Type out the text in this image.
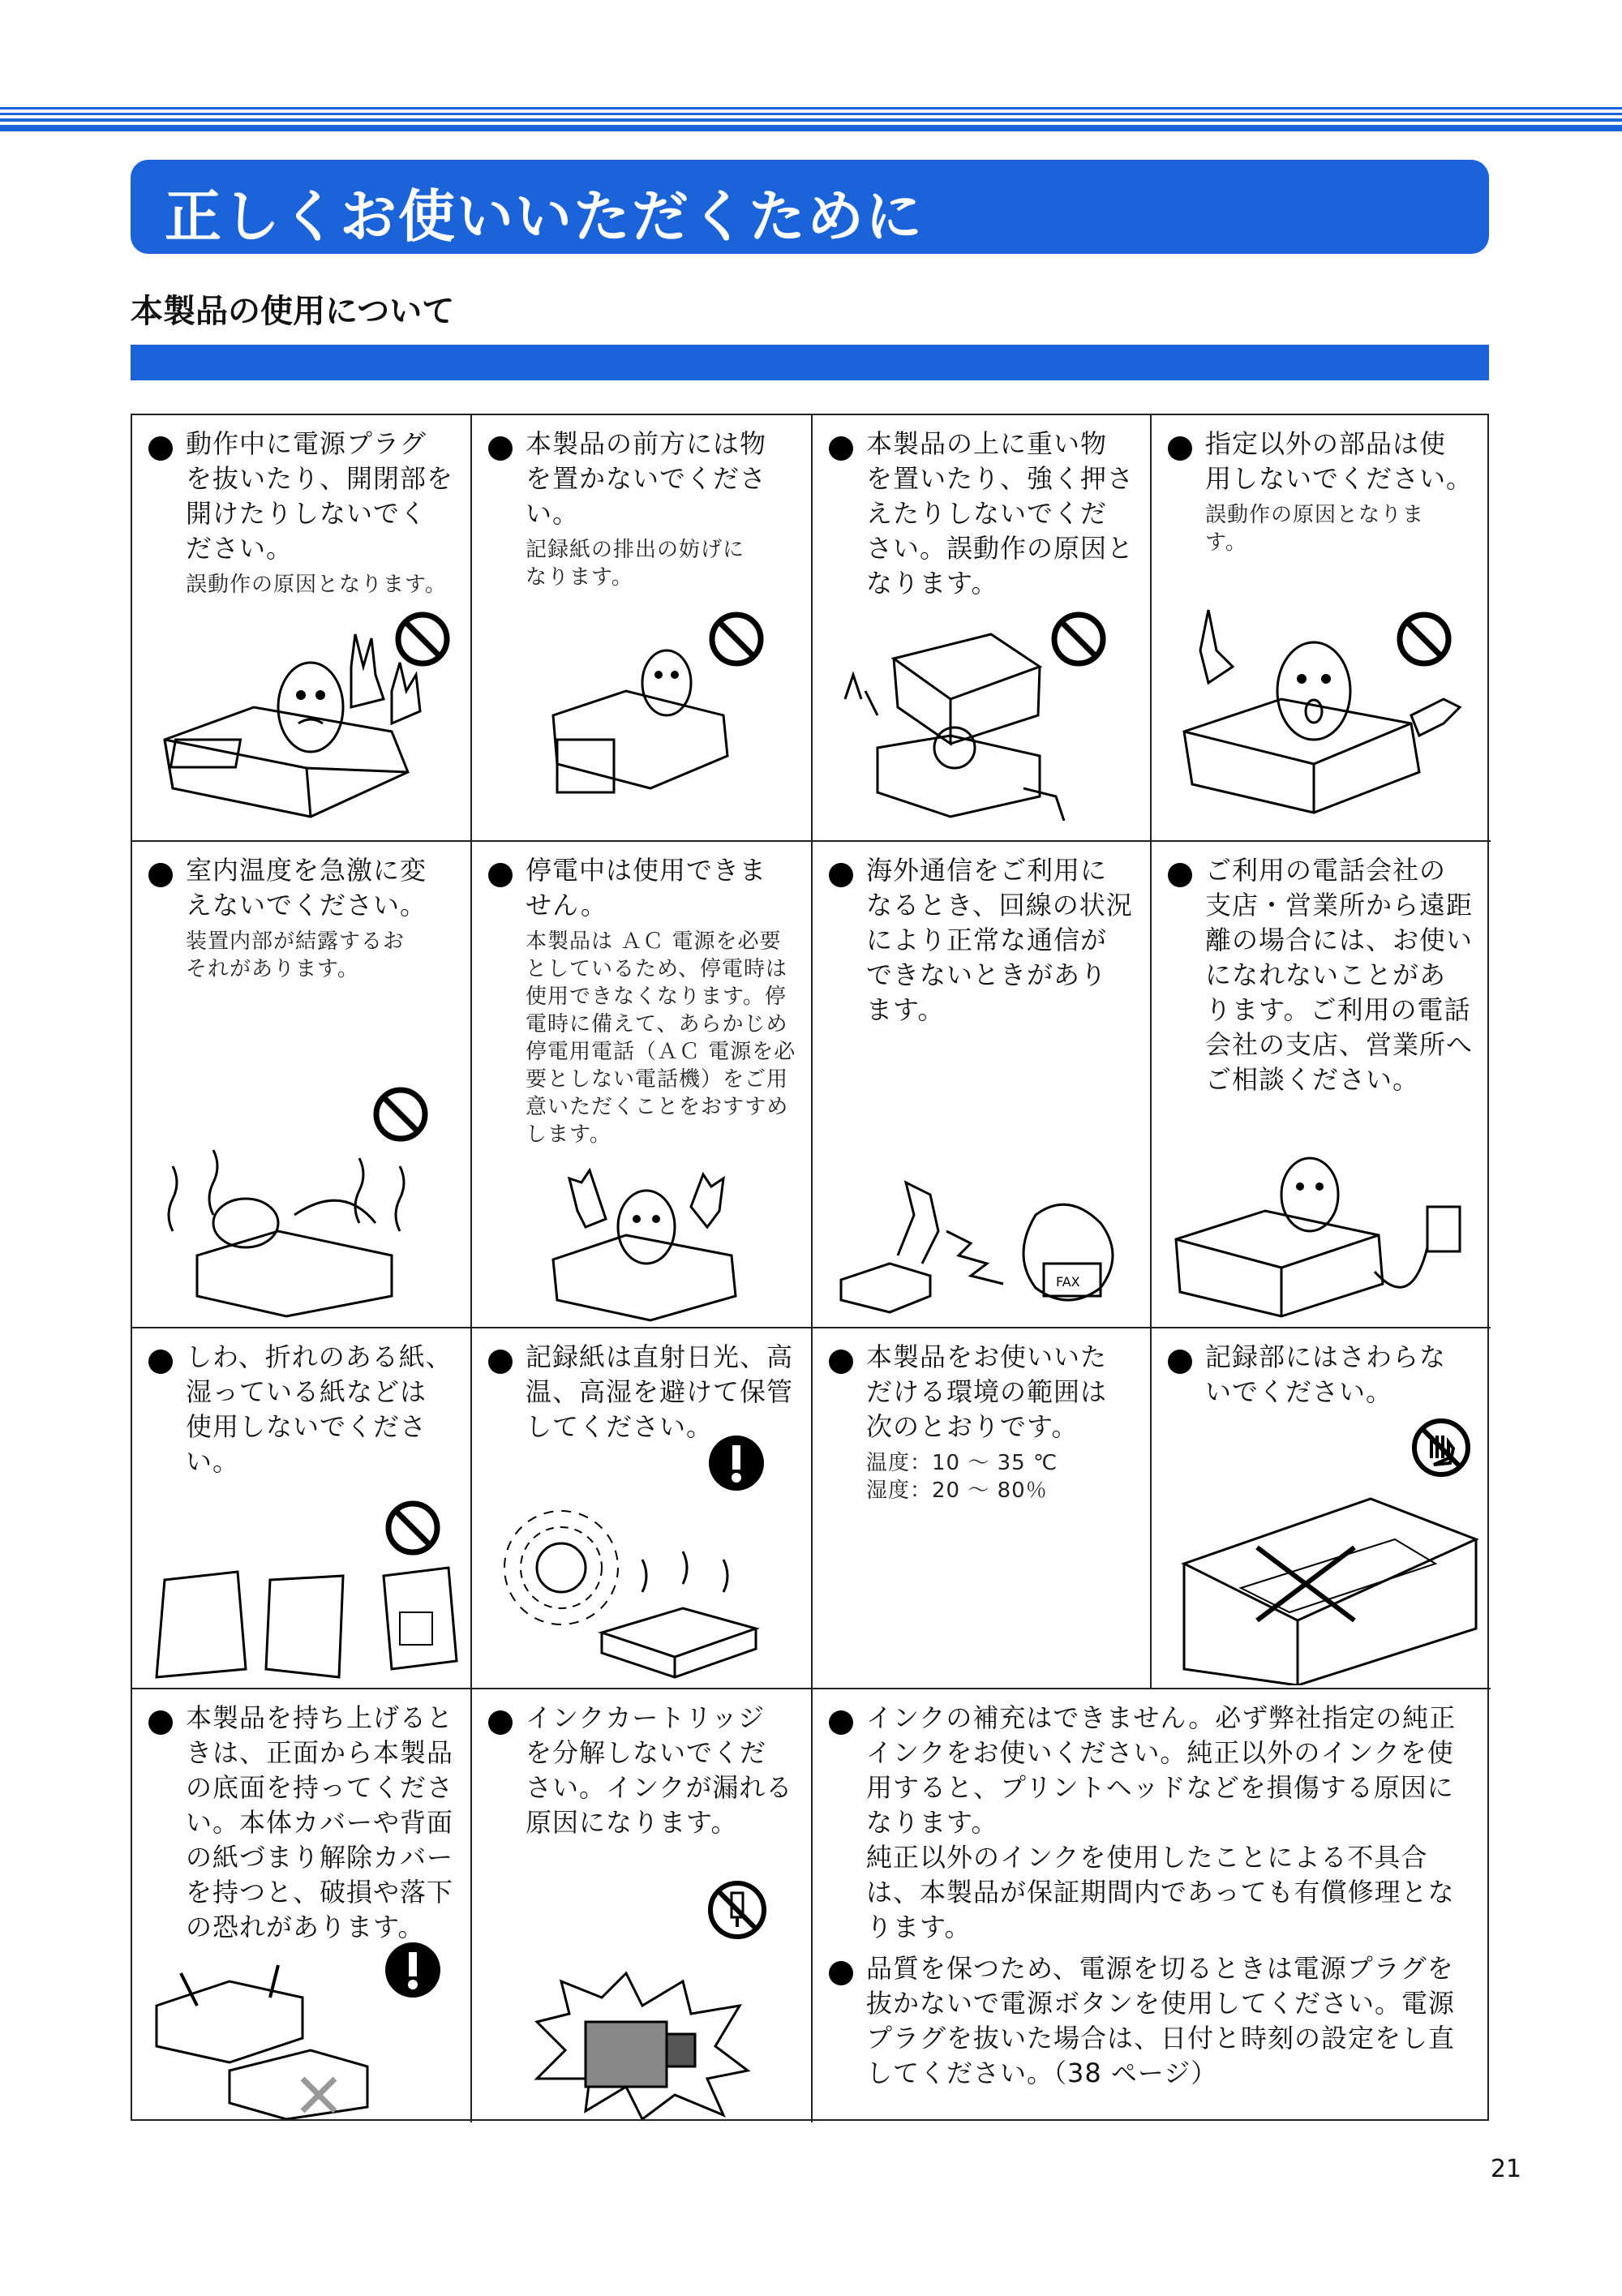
正しくお使いいただくために
本製品の使用について
動作中に電源プラグ
を抜いたり、開閉部を
開けたりしないでく
ださい。
誤動作の原因となります。
本製品の前方には物
を置かないでくださ
い。
記録紙の排出の妨げに
なります。
本製品の上に重い物
を置いたり、強く押さ
えたりしないでくだ
さい。誤動作の原因と
なります。
指定以外の部品は使
用しないでください。
誤動作の原因となりま
す。
室内温度を急激に変
えないでください。
装置内部が結露するお
それがあります。
停電中は使用できま
せん。
本製品は ＡＣ 電源を必要
としているため、停電時は
使用できなくなります。停
電時に備えて、あらかじめ
停電用電話（ＡＣ 電源を必
要としない電話機）をご用
意いただくことをおすすめ
します。
海外通信をご利用に
なるとき、回線の状況
により正常な通信が
できないときがあり
ます。
FAX
ご利用の電話会社の
支店・営業所から遠距
離の場合には、お使い
になれないことがあ
ります。ご利用の電話
会社の支店、営業所へ
ご相談ください。
しわ、折れのある紙、
湿っている紙などは
使用しないでくださ
い。
記録紙は直射日光、高
温、高湿を避けて保管
してください。
本製品をお使いいた
だける環境の範囲は
次のとおりです。
温度：10 〜 35 ℃
湿度：20 〜 80％
記録部にはさわらな
いでください。
本製品を持ち上げると
きは、正面から本製品
の底面を持ってくださ
い。本体カバーや背面
の紙づまり解除カバー
を持つと、破損や落下
の恐れがあります。
インクカートリッジ
を分解しないでくだ
さい。インクが漏れる
原因になります。
インクの補充はできません。必ず弊社指定の純正
インクをお使いください。純正以外のインクを使
用すると、プリントヘッドなどを損傷する原因に
なります。
純正以外のインクを使用したことによる不具合
は、本製品が保証期間内であっても有償修理とな
ります。
品質を保つため、電源を切るときは電源プラグを
抜かないで電源ボタンを使用してください。電源
プラグを抜いた場合は、日付と時刻の設定をし直
してください。（38 ページ）
21
